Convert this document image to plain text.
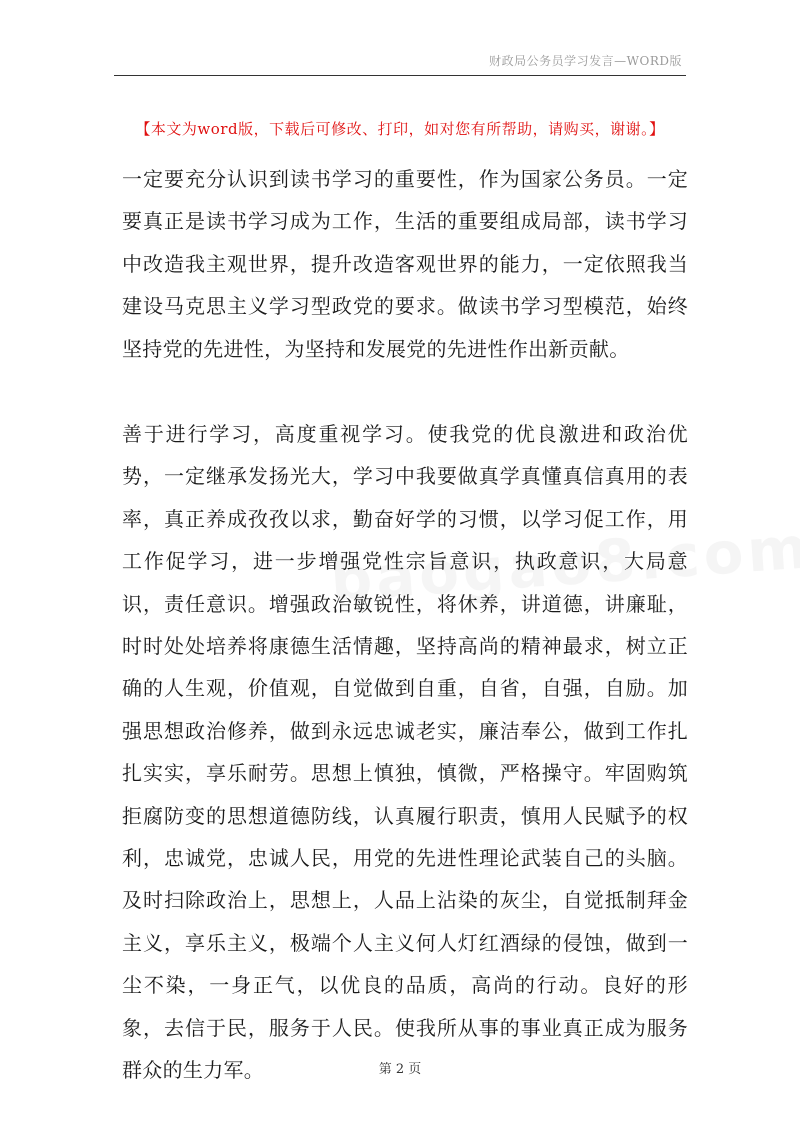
财政局公务员学习发言—WORD版
【本文为word版，下载后可修改、打印，如对您有所帮助，请购买，谢谢。】

一定要充分认识到读书学习的重要性，作为国家公务员。一定要真正是读书学习成为工作，生活的重要组成局部，读书学习中改造我主观世界，提升改造客观世界的能力，一定依照我当建设马克思主义学习型政党的要求。做读书学习型模范，始终坚持党的先进性，为坚持和发展党的先进性作出新贡献。

善于进行学习，高度重视学习。使我党的优良激进和政治优势，一定继承发扬光大，学习中我要做真学真懂真信真用的表率，真正养成孜孜以求，勤奋好学的习惯，以学习促工作，用工作促学习，进一步增强党性宗旨意识，执政意识，大局意识，责任意识。增强政治敏锐性，将休养，讲道德，讲廉耻，时时处处培养将康德生活情趣，坚持高尚的精神最求，树立正确的人生观，价值观，自觉做到自重，自省，自强，自励。加强思想政治修养，做到永远忠诚老实，廉洁奉公，做到工作扎扎实实，享乐耐劳。思想上慎独，慎微，严格操守。牢固购筑拒腐防变的思想道德防线，认真履行职责，慎用人民赋予的权利，忠诚党，忠诚人民，用党的先进性理论武装自己的头脑。及时扫除政治上，思想上，人品上沾染的灰尘，自觉抵制拜金主义，享乐主义，极端个人主义何人灯红酒绿的侵蚀，做到一尘不染，一身正气，以优良的品质，高尚的行动。良好的形象，去信于民，服务于人民。使我所从事的事业真正成为服务群众的生力军。	第 2 页
